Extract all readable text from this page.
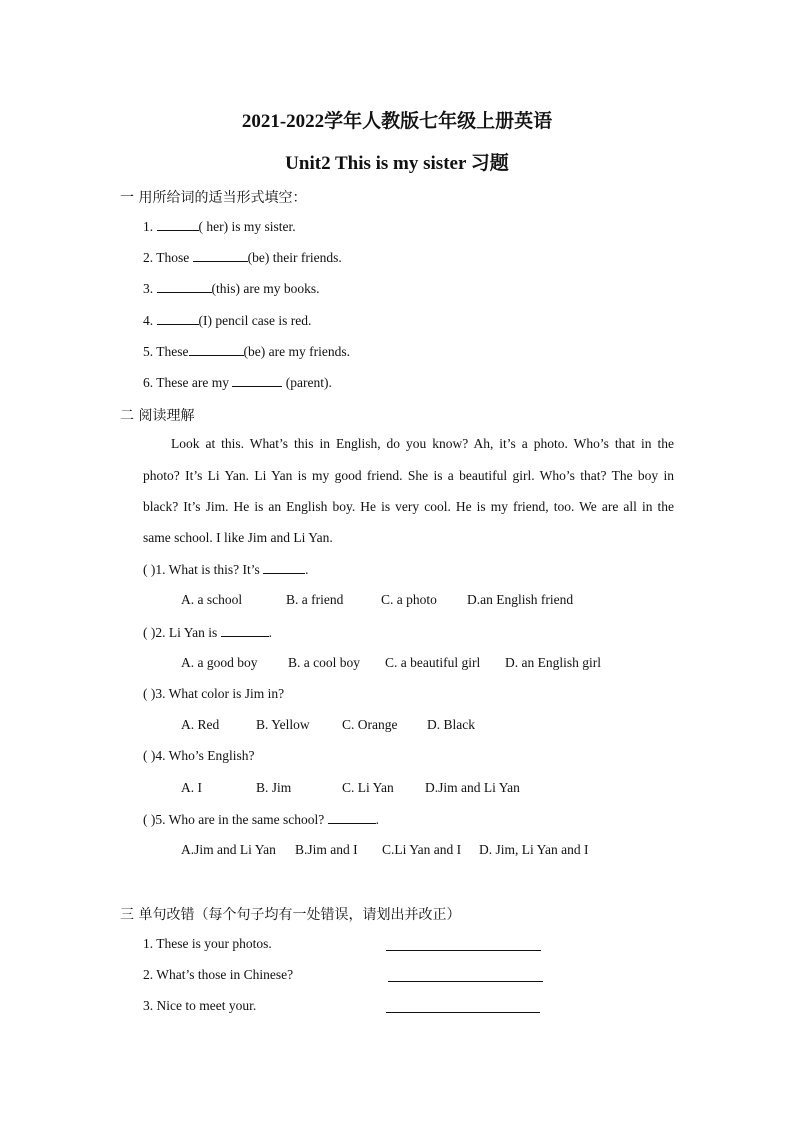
2021-2022学年人教版七年级上册英语
Unit2 This is my sister 习题
一 用所给词的适当形式填空：
1.	( her) is my sister.
2. Those	(be) their friends.
3.	(this) are my books.
4.	(I) pencil case is red.
5. These	(be) are my friends.
6. These are my	(parent).
二 阅读理解
Look at this. What’s this in English, do you know? Ah, it’s a photo. Who’s that in the
photo? It’s Li Yan. Li Yan is my good friend. She is a beautiful girl. Who’s that? The boy in
black? It’s Jim. He is an English boy. He is very cool. He is my friend, too. We are all in the
same school. I like Jim and Li Yan.
( )1. What is this? It’s	.
A. a school	B. a friend	C. a photo D.an English friend
( )2. Li Yan is	.
A. a good boy B. a cool boy C. a beautiful girl D. an English girl
( )3. What color is Jim in?
A. Red	B. Yellow C. Orange D. Black
( )4. Who’s English?
A. I	B. Jim	C. Li Yan D.Jim and Li Yan
( )5. Who are in the same school?	.
A.Jim and Li Yan B.Jim and I C.Li Yan and I D. Jim, Li Yan and I
三 单句改错（每个句子均有一处错误，请划出并改正）
1. These is your photos.
2. What’s those in Chinese?
3. Nice to meet your.
